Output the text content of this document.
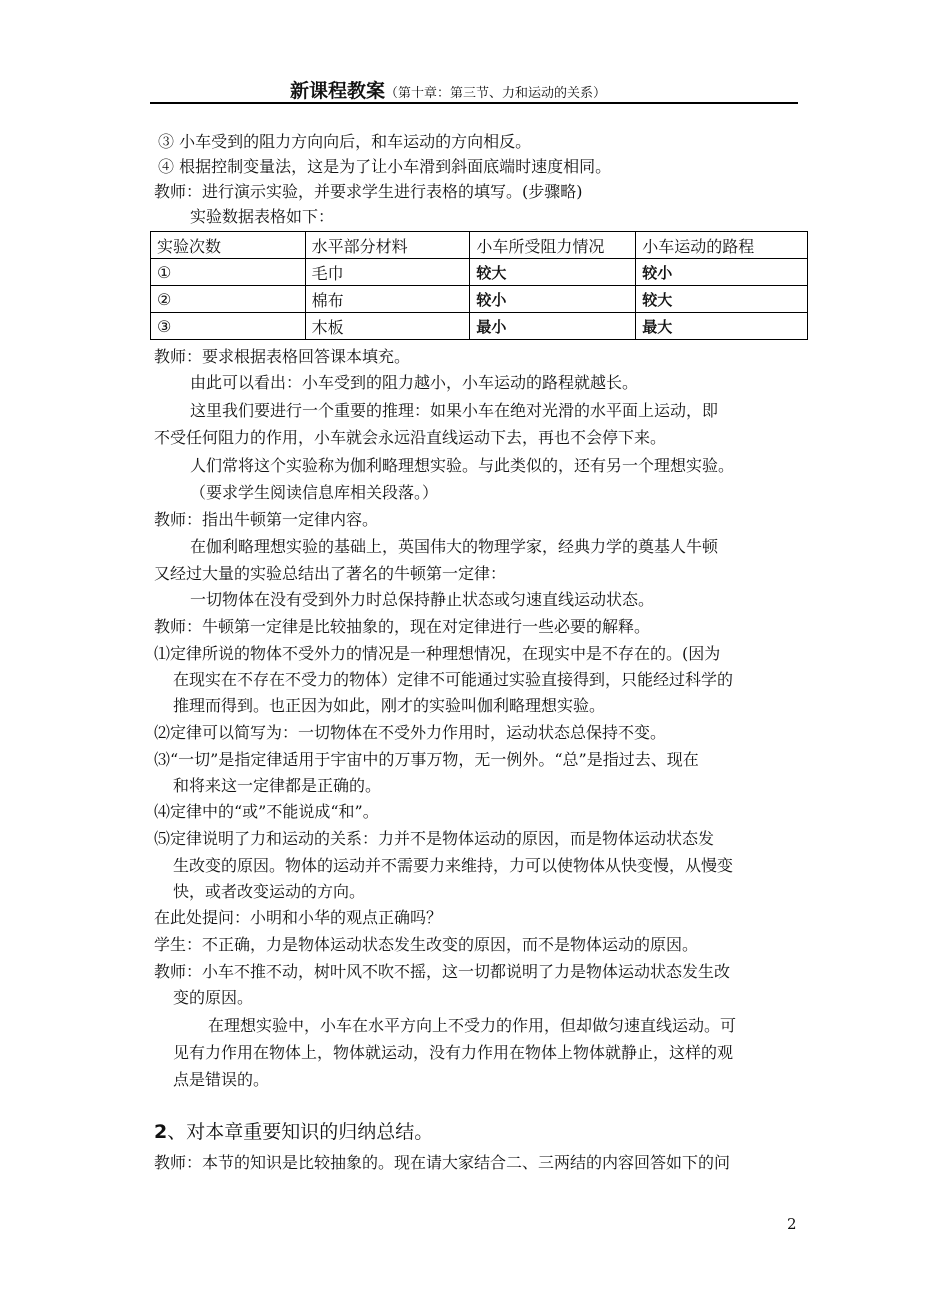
新课程教案（第十章：第三节、力和运动的关系）
③ 小车受到的阻力方向向后，和车运动的方向相反。
④ 根据控制变量法，这是为了让小车滑到斜面底端时速度相同。
教师：进行演示实验，并要求学生进行表格的填写。(步骤略)
实验数据表格如下：
实验次数	水平部分材料	小车所受阻力情况	小车运动的路程
①	毛巾	较大	较小
②	棉布	较小	较大
③	木板	最小	最大
教师：要求根据表格回答课本填充。
由此可以看出：小车受到的阻力越小，小车运动的路程就越长。
这里我们要进行一个重要的推理：如果小车在绝对光滑的水平面上运动，即
不受任何阻力的作用，小车就会永远沿直线运动下去，再也不会停下来。
人们常将这个实验称为伽利略理想实验。与此类似的，还有另一个理想实验。
（要求学生阅读信息库相关段落。）
教师：指出牛顿第一定律内容。
在伽利略理想实验的基础上，英国伟大的物理学家，经典力学的奠基人牛顿
又经过大量的实验总结出了著名的牛顿第一定律：
一切物体在没有受到外力时总保持静止状态或匀速直线运动状态。
教师：牛顿第一定律是比较抽象的，现在对定律进行一些必要的解释。
⑴定律所说的物体不受外力的情况是一种理想情况，在现实中是不存在的。(因为
在现实在不存在不受力的物体）定律不可能通过实验直接得到，只能经过科学的
推理而得到。也正因为如此，刚才的实验叫伽利略理想实验。
⑵定律可以简写为：一切物体在不受外力作用时，运动状态总保持不变。
⑶“一切”是指定律适用于宇宙中的万事万物，无一例外。“总”是指过去、现在
和将来这一定律都是正确的。
⑷定律中的“或”不能说成“和”。
⑸定律说明了力和运动的关系：力并不是物体运动的原因，而是物体运动状态发
生改变的原因。物体的运动并不需要力来维持，力可以使物体从快变慢，从慢变
快，或者改变运动的方向。
在此处提问：小明和小华的观点正确吗？
学生：不正确，力是物体运动状态发生改变的原因，而不是物体运动的原因。
教师：小车不推不动，树叶风不吹不摇，这一切都说明了力是物体运动状态发生改
变的原因。
在理想实验中，小车在水平方向上不受力的作用，但却做匀速直线运动。可
见有力作用在物体上，物体就运动，没有力作用在物体上物体就静止，这样的观
点是错误的。
2、对本章重要知识的归纳总结。
教师：本节的知识是比较抽象的。现在请大家结合二、三两结的内容回答如下的问
2
